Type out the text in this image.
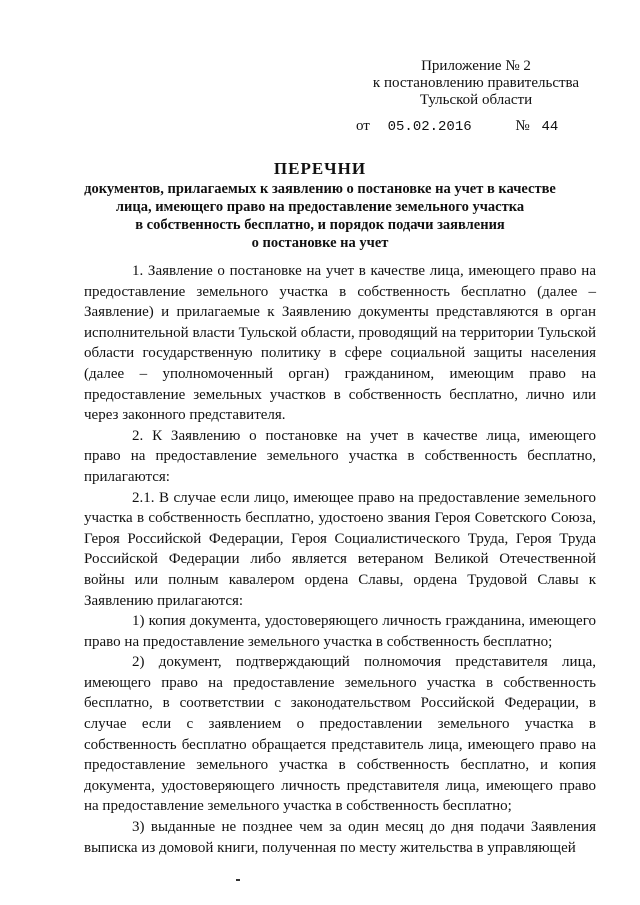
Приложение № 2
к постановлению правительства
Тульской области
от 05.02.2016	№ 44
ПЕРЕЧНИ
документов, прилагаемых к заявлению о постановке на учет в качестве
лица, имеющего право на предоставление земельного участка
в собственность бесплатно, и порядок подачи заявления
о постановке на учет

1. Заявление о постановке на учет в качестве лица, имеющего право на предоставление земельного участка в собственность бесплатно (далее – Заявление) и прилагаемые к Заявлению документы представляются в орган исполнительной власти Тульской области, проводящий на территории Тульской области государственную политику в сфере социальной защиты населения (далее – уполномоченный орган) гражданином, имеющим право на предоставление земельных участков в собственность бесплатно, лично или через законного представителя.

2. К Заявлению о постановке на учет в качестве лица, имеющего право на предоставление земельного участка в собственность бесплатно, прилагаются:

2.1. В случае если лицо, имеющее право на предоставление земельного участка в собственность бесплатно, удостоено звания Героя Советского Союза, Героя Российской Федерации, Героя Социалистического Труда, Героя Труда Российской Федерации либо является ветераном Великой Отечественной войны или полным кавалером ордена Славы, ордена Трудовой Славы к Заявлению прилагаются:

1) копия документа, удостоверяющего личность гражданина, имеющего право на предоставление земельного участка в собственность бесплатно;

2) документ, подтверждающий полномочия представителя лица, имеющего право на предоставление земельного участка в собственность бесплатно, в соответствии с законодательством Российской Федерации, в случае если с заявлением о предоставлении земельного участка в собственность бесплатно обращается представитель лица, имеющего право на предоставление земельного участка в собственность бесплатно, и копия документа, удостоверяющего личность представителя лица, имеющего право на предоставление земельного участка в собственность бесплатно;

3) выданные не позднее чем за один месяц до дня подачи Заявления выписка из домовой книги, полученная по месту жительства в управляющей
